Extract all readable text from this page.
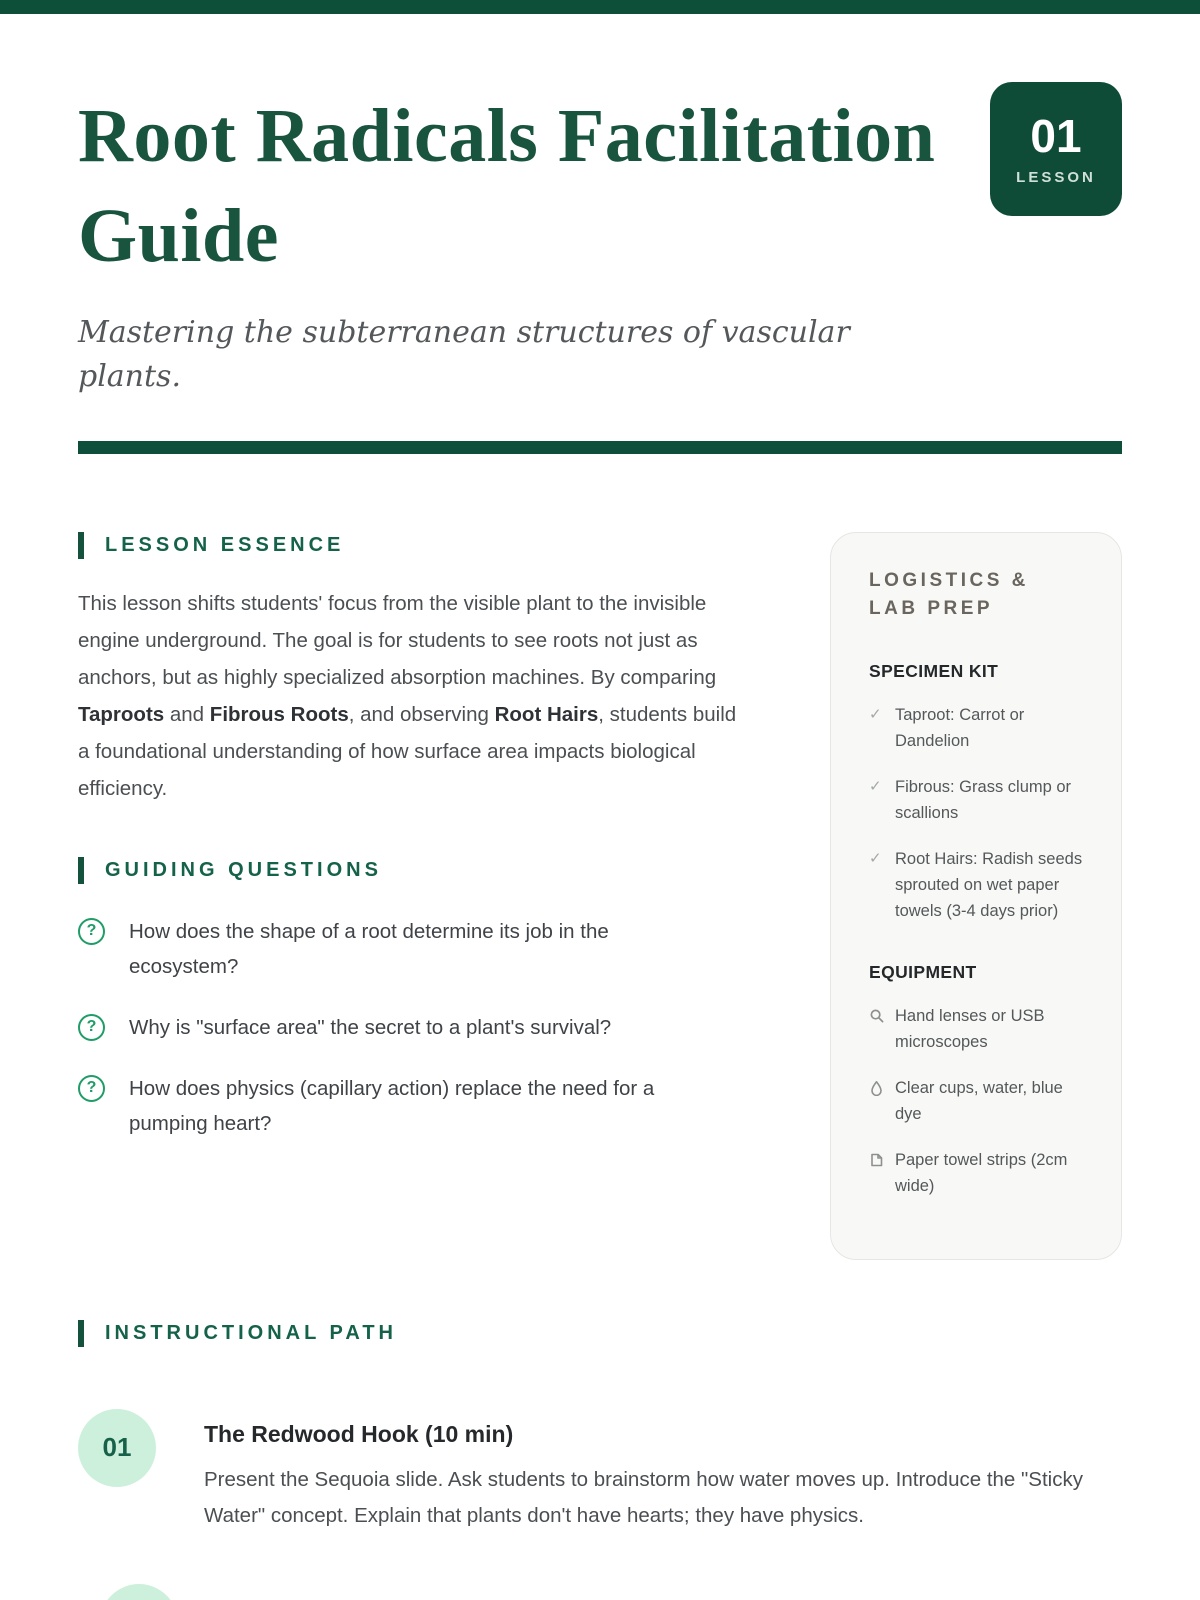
Root Radicals Facilitation
Guide
01
LESSON

Mastering the subterranean structures of vascular plants.

LESSON ESSENCE

This lesson shifts students' focus from the visible plant to the invisible engine underground. The goal is for students to see roots not just as anchors, but as highly specialized absorption machines. By comparing Taproots and Fibrous Roots, and observing Root Hairs, students build a foundational understanding of how surface area impacts biological efficiency.

GUIDING QUESTIONS
?	How does the shape of a root determine its job in the ecosystem?
?	Why is "surface area" the secret to a plant's survival?
?	How does physics (capillary action) replace the need for a pumping heart?
LOGISTICS & LAB PREP
SPECIMEN KIT
✓ Taproot: Carrot or Dandelion
✓ Fibrous: Grass clump or scallions
✓ Root Hairs: Radish seeds sprouted on wet paper towels (3-4 days prior)
EQUIPMENT
Hand lenses or USB microscopes
Clear cups, water, blue dye
Paper towel strips (2cm wide)
INSTRUCTIONAL PATH
01	The Redwood Hook (10 min)
Present the Sequoia slide. Ask students to brainstorm how water moves up. Introduce the "Sticky Water" concept. Explain that plants don't have hearts; they have physics.
